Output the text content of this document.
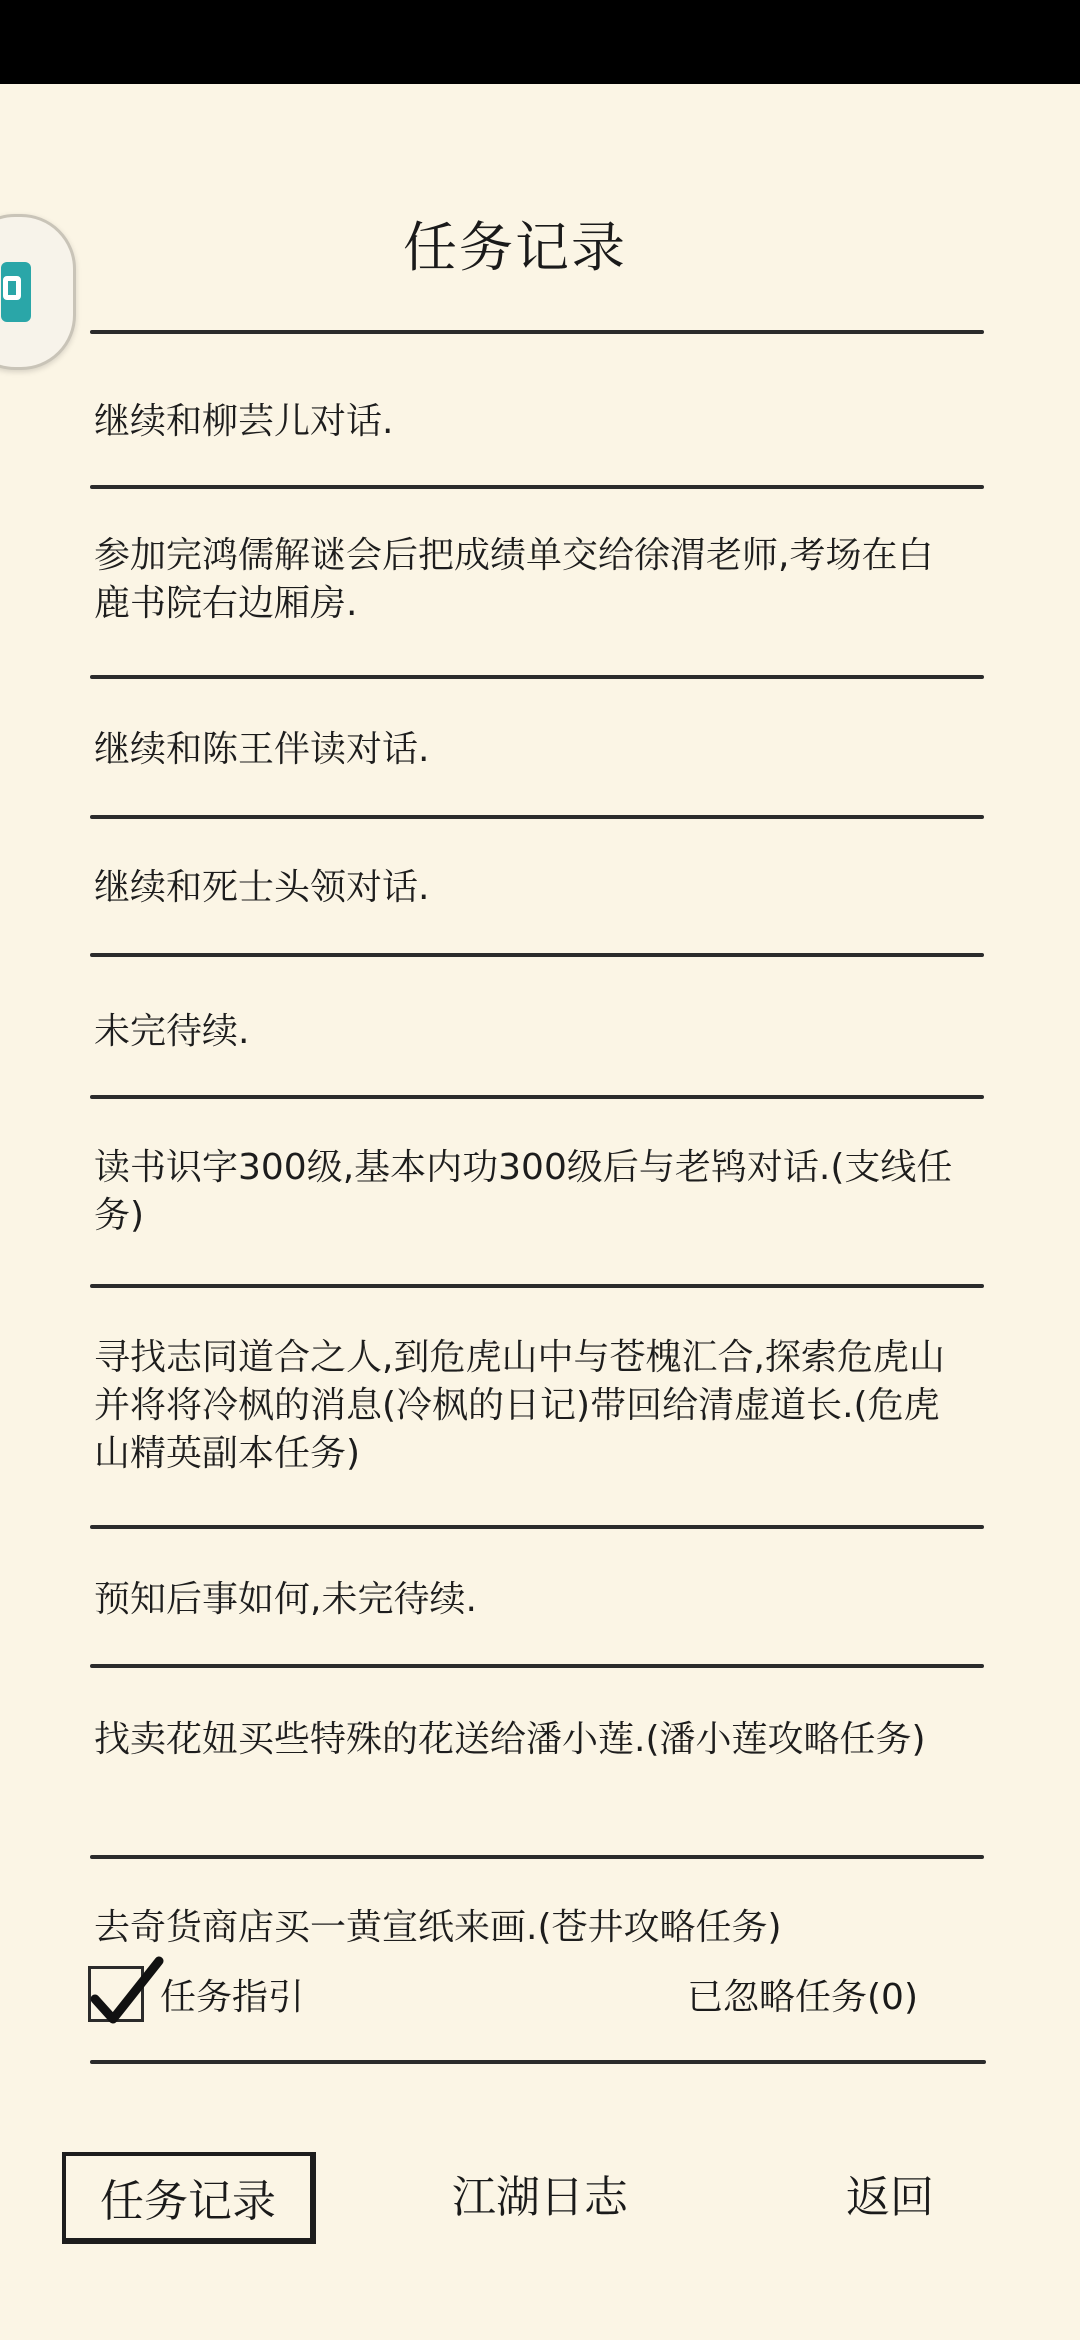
任务记录
继续和柳芸儿对话.
参加完鸿儒解谜会后把成绩单交给徐渭老师,考场在白鹿书院右边厢房.
继续和陈王伴读对话.
继续和死士头领对话.
未完待续.
读书识字300级,基本内功300级后与老鸨对话.(支线任务)
寻找志同道合之人,到危虎山中与苍槐汇合,探索危虎山并将将冷枫的消息(冷枫的日记)带回给清虚道长.(危虎山精英副本任务)
预知后事如何,未完待续.
找卖花妞买些特殊的花送给潘小莲.(潘小莲攻略任务)
去奇货商店买一黄宣纸来画.(苍井攻略任务)
任务指引	已忽略任务(0)
任务记录	江湖日志	返回
